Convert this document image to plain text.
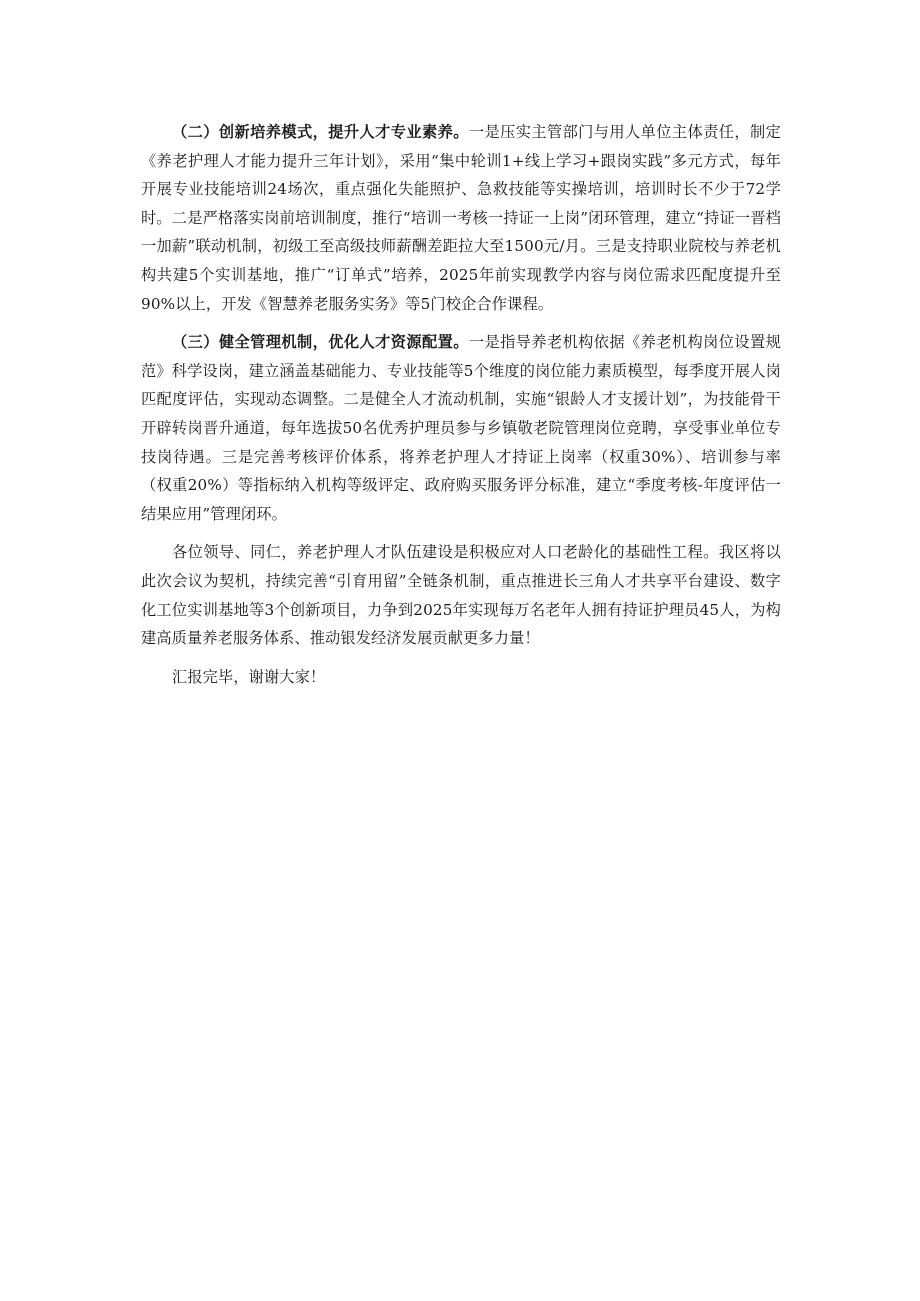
（二）创新培养模式，提升人才专业素养。一是压实主管部门与用人单位主体责任，制定《养老护理人才能力提升三年计划》，采用“集中轮训1+线上学习+跟岗实践”多元方式，每年开展专业技能培训24场次，重点强化失能照护、急救技能等实操培训，培训时长不少于72学时。二是严格落实岗前培训制度，推行“培训一考核一持证一上岗”闭环管理，建立“持证一晋档一加薪”联动机制，初级工至高级技师薪酬差距拉大至1500元/月。三是支持职业院校与养老机构共建5个实训基地，推广“订单式”培养，2025年前实现教学内容与岗位需求匹配度提升至90%以上，开发《智慧养老服务实务》等5门校企合作课程。

（三）健全管理机制，优化人才资源配置。一是指导养老机构依据《养老机构岗位设置规范》科学设岗，建立涵盖基础能力、专业技能等5个维度的岗位能力素质模型，每季度开展人岗匹配度评估，实现动态调整。二是健全人才流动机制，实施“银龄人才支援计划”，为技能骨干开辟转岗晋升通道，每年选拔50名优秀护理员参与乡镇敬老院管理岗位竞聘，享受事业单位专技岗待遇。三是完善考核评价体系，将养老护理人才持证上岗率（权重30%）、培训参与率（权重20%）等指标纳入机构等级评定、政府购买服务评分标准，建立“季度考核-年度评估一结果应用”管理闭环。

各位领导、同仁，养老护理人才队伍建设是积极应对人口老龄化的基础性工程。我区将以此次会议为契机，持续完善“引育用留”全链条机制，重点推进长三角人才共享平台建设、数字化工位实训基地等3个创新项目，力争到2025年实现每万名老年人拥有持证护理员45人，为构建高质量养老服务体系、推动银发经济发展贡献更多力量！

汇报完毕，谢谢大家！
